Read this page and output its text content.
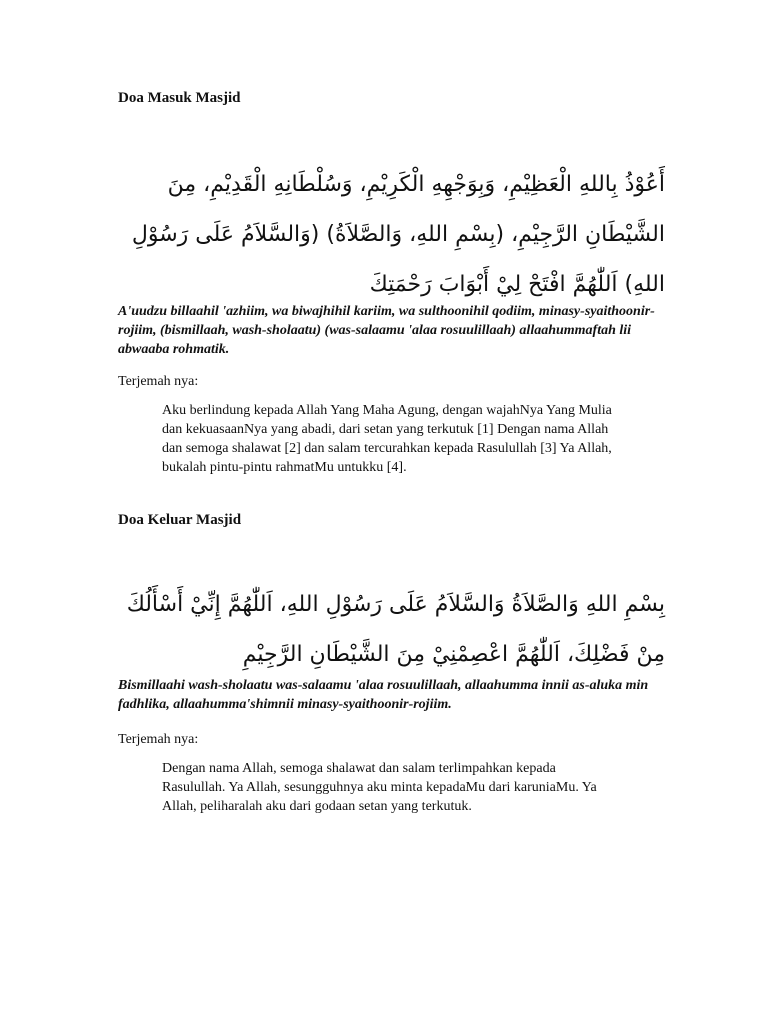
Doa Masuk Masjid

أَعُوْذُ بِاللهِ الْعَظِيْمِ، وَبِوَجْهِهِ الْكَرِيْمِ، وَسُلْطَانِهِ الْقَدِيْمِ، مِنَ الشَّيْطَانِ الرَّجِيْمِ، (بِسْمِ اللهِ، وَالصَّلاَةُ) (وَالسَّلاَمُ عَلَى رَسُوْلِ اللهِ) اَللّٰهُمَّ افْتَحْ لِيْ أَبْوَابَ رَحْمَتِكَ

A'uudzu billaahil 'azhiim, wa biwajhihil kariim, wa sulthoonihil qodiim, minasy-syaithoonir-rojiim, (bismillaah, wash-sholaatu) (was-salaamu 'alaa rosuulillaah) allaahummaftah lii abwaaba rohmatik.

Terjemah nya:

Aku berlindung kepada Allah Yang Maha Agung, dengan wajahNya Yang Mulia dan kekuasaanNya yang abadi, dari setan yang terkutuk [1] Dengan nama Allah dan semoga shalawat [2] dan salam tercurahkan kepada Rasulullah [3] Ya Allah, bukalah pintu-pintu rahmatMu untukku [4].

Doa Keluar Masjid

بِسْمِ اللهِ وَالصَّلاَةُ وَالسَّلاَمُ عَلَى رَسُوْلِ اللهِ، اَللّٰهُمَّ إِنِّيْ أَسْأَلُكَ مِنْ فَضْلِكَ، اَللّٰهُمَّ اعْصِمْنِيْ مِنَ الشَّيْطَانِ الرَّجِيْمِ

Bismillaahi wash-sholaatu was-salaamu 'alaa rosuulillaah, allaahumma innii as-aluka min fadhlika, allaahumma'shimnii minasy-syaithoonir-rojiim.

Terjemah nya:

Dengan nama Allah, semoga shalawat dan salam terlimpahkan kepada Rasulullah. Ya Allah, sesungguhnya aku minta kepadaMu dari karuniaMu. Ya Allah, peliharalah aku dari godaan setan yang terkutuk.
